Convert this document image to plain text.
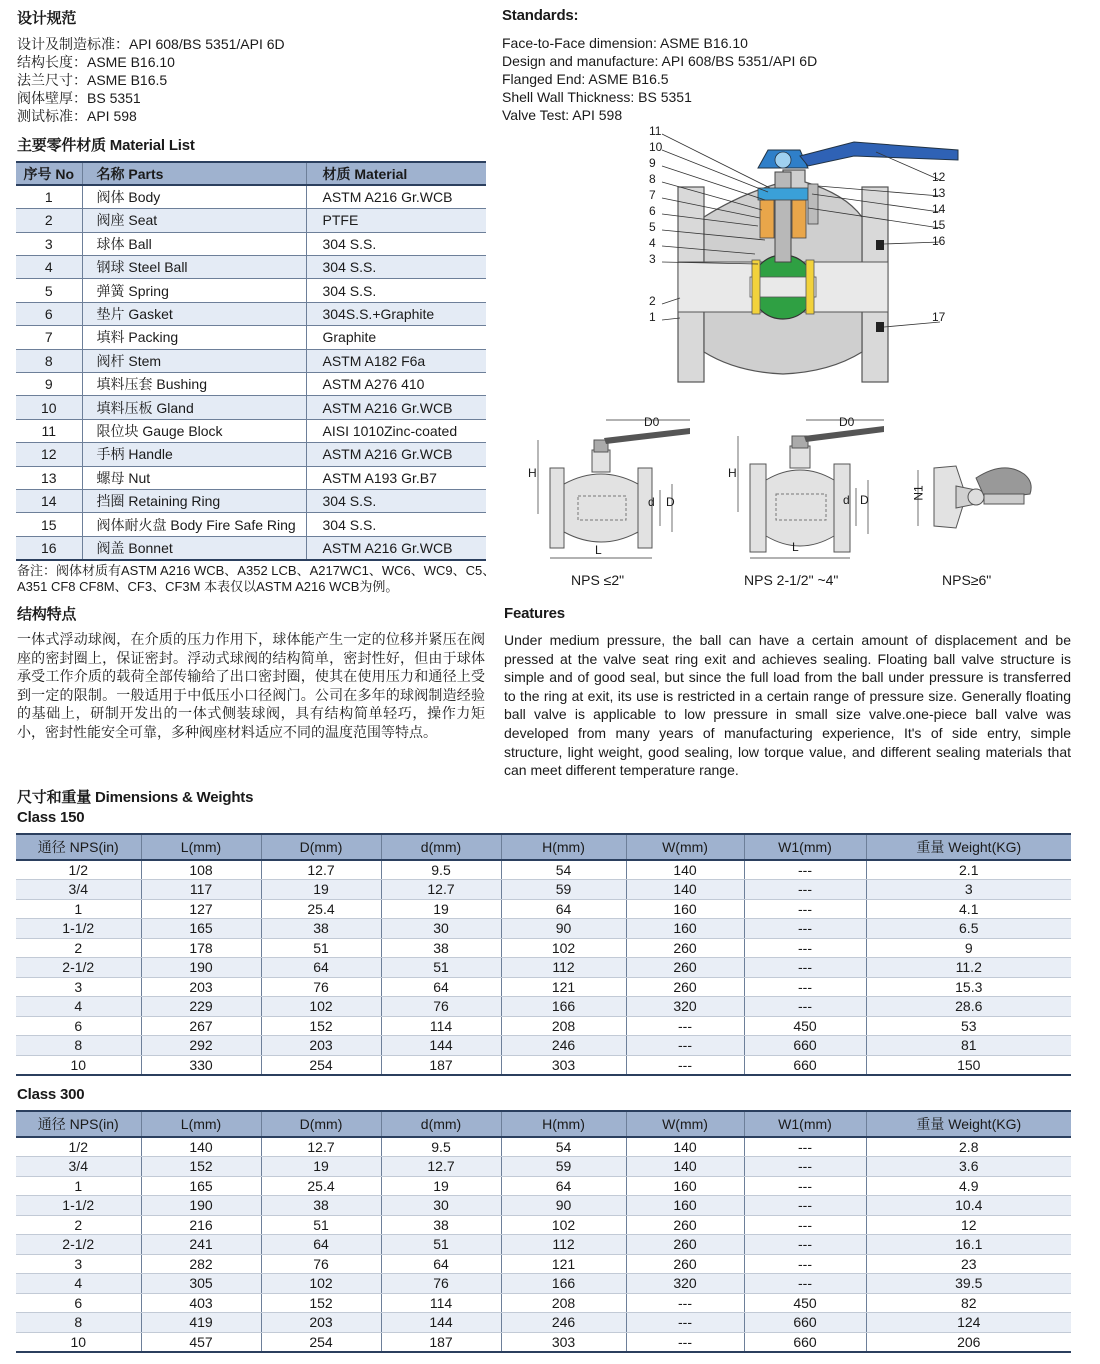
设计规范
设计及制造标准：API 608/BS 5351/API 6D
结构长度：ASME B16.10
法兰尺寸：ASME B16.5
阀体壁厚：BS 5351
测试标准：API 598
Standards:
Face-to-Face dimension: ASME B16.10
Design and manufacture: API 608/BS 5351/API 6D
Flanged End: ASME B16.5
Shell Wall Thickness: BS 5351
Valve Test: API 598
主要零件材质 Material List
序号 No	名称 Parts	材质 Material
1	阀体 Body	ASTM A216 Gr.WCB
2	阀座 Seat	PTFE
3	球体 Ball	304 S.S.
4	钢球 Steel Ball	304 S.S.
5	弹簧 Spring	304 S.S.
6	垫片 Gasket	304S.S.+Graphite
7	填料 Packing	Graphite
8	阀杆 Stem	ASTM A182 F6a
9	填料压套 Bushing	ASTM A276 410
10	填料压板 Gland	ASTM A216 Gr.WCB
11	限位块 Gauge Block	AISI 1010Zinc-coated
12	手柄 Handle	ASTM A216 Gr.WCB
13	螺母 Nut	ASTM A193 Gr.B7
14	挡圈 Retaining Ring	304 S.S.
15	阀体耐火盘 Body Fire Safe Ring	304 S.S.
16	阀盖 Bonnet	ASTM A216 Gr.WCB
备注：阀体材质有ASTM A216 WCB、A352 LCB、A217WC1、WC6、WC9、C5、
A351 CF8 CF8M、CF3、CF3M 本表仅以ASTM A216 WCB为例。
11
10
9
8
7
6
5
4
3
2
1
12
13
14
15
16
17
D0
H
L
d D
NPS ≤2"
D0
H
L
d D
NPS 2-1/2" ~4"
N1
NPS≥6"
结构特点
一体式浮动球阀，在介质的压力作用下，球体能产生一定的位移并紧压在阀座的密封圈上，保证密封。浮动式球阀的结构简单，密封性好，但由于球体承受工作介质的载荷全部传输给了出口密封圈，使其在使用压力和通径上受到一定的限制。一般适用于中低压小口径阀门。公司在多年的球阀制造经验的基础上，研制开发出的一体式侧装球阀，具有结构简单轻巧，操作力矩小，密封性能安全可靠，多种阀座材料适应不同的温度范围等特点。
Features
Under medium pressure, the ball can have a certain amount of displacement and be pressed at the valve seat ring exit and achieves sealing. Floating ball valve structure is simple and of good seal, but since the full load from the ball under pressure is transferred to the ring at exit, its use is restricted in a certain range of pressure size. Generally floating ball valve is applicable to low pressure in small size valve.one-piece ball valve was developed from many years of manufacturing experience, It's of side entry, simple structure, light weight, good sealing, low torque value, and different sealing materials that can meet different temperature range.
尺寸和重量 Dimensions & Weights
Class 150
通径 NPS(in)	L(mm)	D(mm)	d(mm)	H(mm)	W(mm)	W1(mm)	重量 Weight(KG)
1/2	108	12.7	9.5	54	140	---	2.1
3/4	117	19	12.7	59	140	---	3
1	127	25.4	19	64	160	---	4.1
1-1/2	165	38	30	90	160	---	6.5
2	178	51	38	102	260	---	9
2-1/2	190	64	51	112	260	---	11.2
3	203	76	64	121	260	---	15.3
4	229	102	76	166	320	---	28.6
6	267	152	114	208	---	450	53
8	292	203	144	246	---	660	81
10	330	254	187	303	---	660	150
Class 300
通径 NPS(in)	L(mm)	D(mm)	d(mm)	H(mm)	W(mm)	W1(mm)	重量 Weight(KG)
1/2	140	12.7	9.5	54	140	---	2.8
3/4	152	19	12.7	59	140	---	3.6
1	165	25.4	19	64	160	---	4.9
1-1/2	190	38	30	90	160	---	10.4
2	216	51	38	102	260	---	12
2-1/2	241	64	51	112	260	---	16.1
3	282	76	64	121	260	---	23
4	305	102	76	166	320	---	39.5
6	403	152	114	208	---	450	82
8	419	203	144	246	---	660	124
10	457	254	187	303	---	660	206
